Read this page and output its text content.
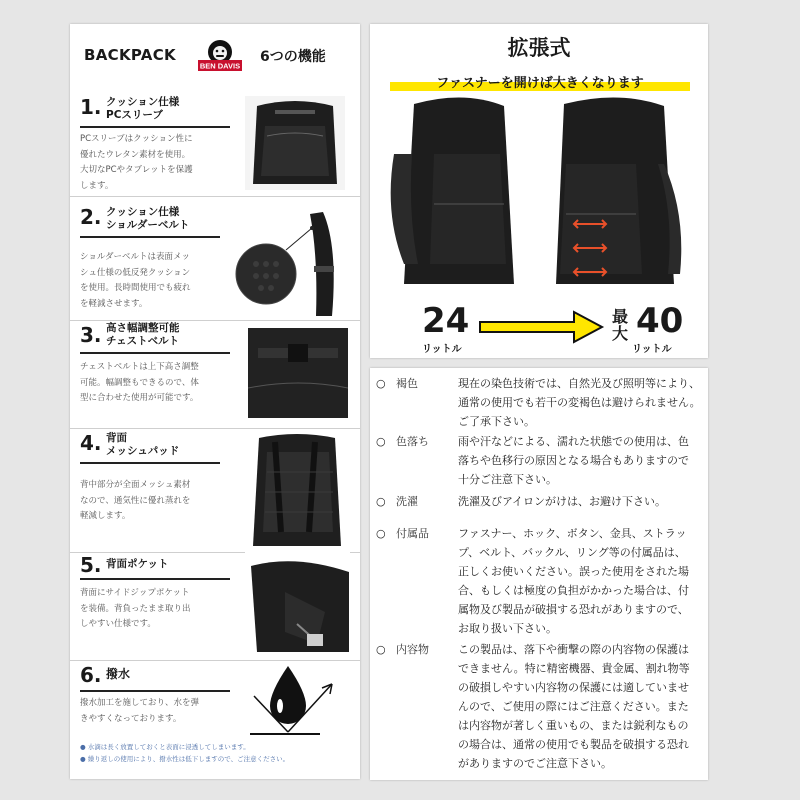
BACKPACK
BEN DAVIS
6つの機能
1. クッション仕様
PCスリーブ
PCスリーブはクッション性に
優れたウレタン素材を使用。
大切なPCやタブレットを保護
します。
2. クッション仕様
ショルダーベルト
ショルダーベルトは表面メッ
シュ仕様の低反発クッション
を使用。長時間使用でも疲れ
を軽減させます。
3. 高さ幅調整可能
チェストベルト
チェストベルトは上下高さ調整
可能。幅調整もできるので、体
型に合わせた使用が可能です。
4. 背面
メッシュパッド
背中部分が全面メッシュ素材
なので、通気性に優れ蒸れを
軽減します。
5. 背面ポケット
背面にサイドジップポケット
を装備。背負ったまま取り出
しやすい仕様です。
6. 撥水
撥水加工を施しており、水を弾
きやすくなっております。
● 水滴は長く放置しておくと表面に浸透してしまいます。
● 繰り返しの使用により、撥水性は低下しますので、ご注意ください。
拡張式
ファスナーを開けば大きくなります
24
リットル
最
大 40
リットル
○ 褐色	現在の染色技術では、自然光及び照明等により、
通常の使用でも若干の変褐色は避けられません。
ご了承下さい。
○ 色落ち	雨や汗などによる、濡れた状態での使用は、色
落ちや色移行の原因となる場合もありますので
十分ご注意下さい。
○ 洗濯	洗濯及びアイロンがけは、お避け下さい。
○ 付属品	ファスナー、ホック、ボタン、金具、ストラッ
プ、ベルト、バックル、リング等の付属品は、
正しくお使いください。誤った使用をされた場
合、もしくは極度の負担がかかった場合は、付
属物及び製品が破損する恐れがありますので、
お取り扱い下さい。
○ 内容物	この製品は、落下や衝撃の際の内容物の保護は
できません。特に精密機器、貴金属、割れ物等
の破損しやすい内容物の保護には適していませ
んので、ご使用の際にはご注意ください。また
は内容物が著しく重いもの、または鋭利なもの
の場合は、通常の使用でも製品を破損する恐れ
がありますのでご注意下さい。
